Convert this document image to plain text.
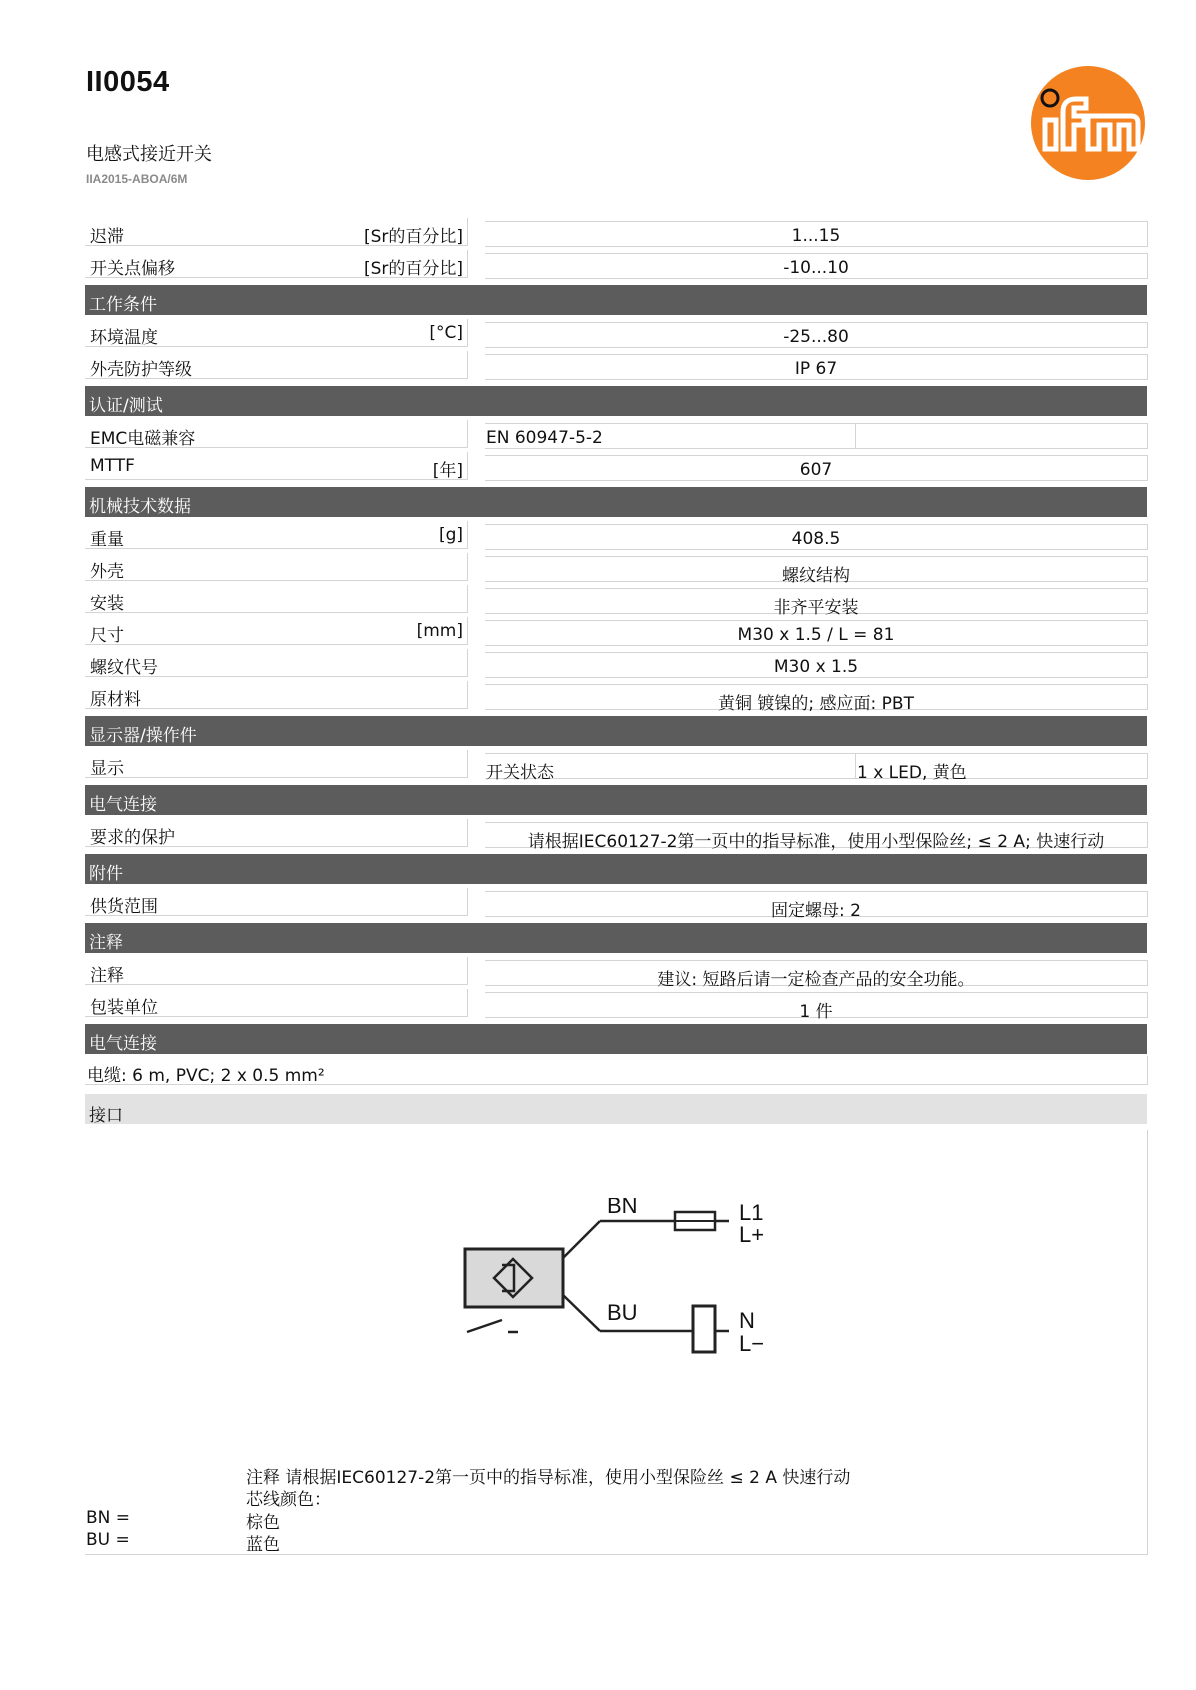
II0054
电感式接近开关
IIA2015-ABOA/6M
迟滞	[Sr的百分比]	1...15
开关点偏移	[Sr的百分比]	-10...10
工作条件
环境温度	[°C]	-25...80
外壳防护等级	IP 67
认证/测试
EMC电磁兼容	EN 60947-5-2
MTTF	[年]	607
机械技术数据
重量	[g]	408.5
外壳	螺纹结构
安装	非齐平安装
尺寸	[mm]	M30 x 1.5 / L = 81
螺纹代号	M30 x 1.5
原材料	黄铜 镀镍的; 感应面: PBT
显示器/操作件
显示	开关状态	1 x LED, 黄色
电气连接
要求的保护	请根据IEC60127-2第一页中的指导标准，使用小型保险丝; ≤ 2 A; 快速行动
附件
供货范围	固定螺母: 2
注释
注释	建议: 短路后请一定检查产品的安全功能。
包装单位	1 件
电气连接
电缆: 6 m, PVC; 2 x 0.5 mm²
接口
BN
BU
L1
L+
N
L−
注释 请根据IEC60127-2第一页中的指导标准，使用小型保险丝 ≤ 2 A 快速行动
芯线颜色：
BN =	棕色
BU =	蓝色
